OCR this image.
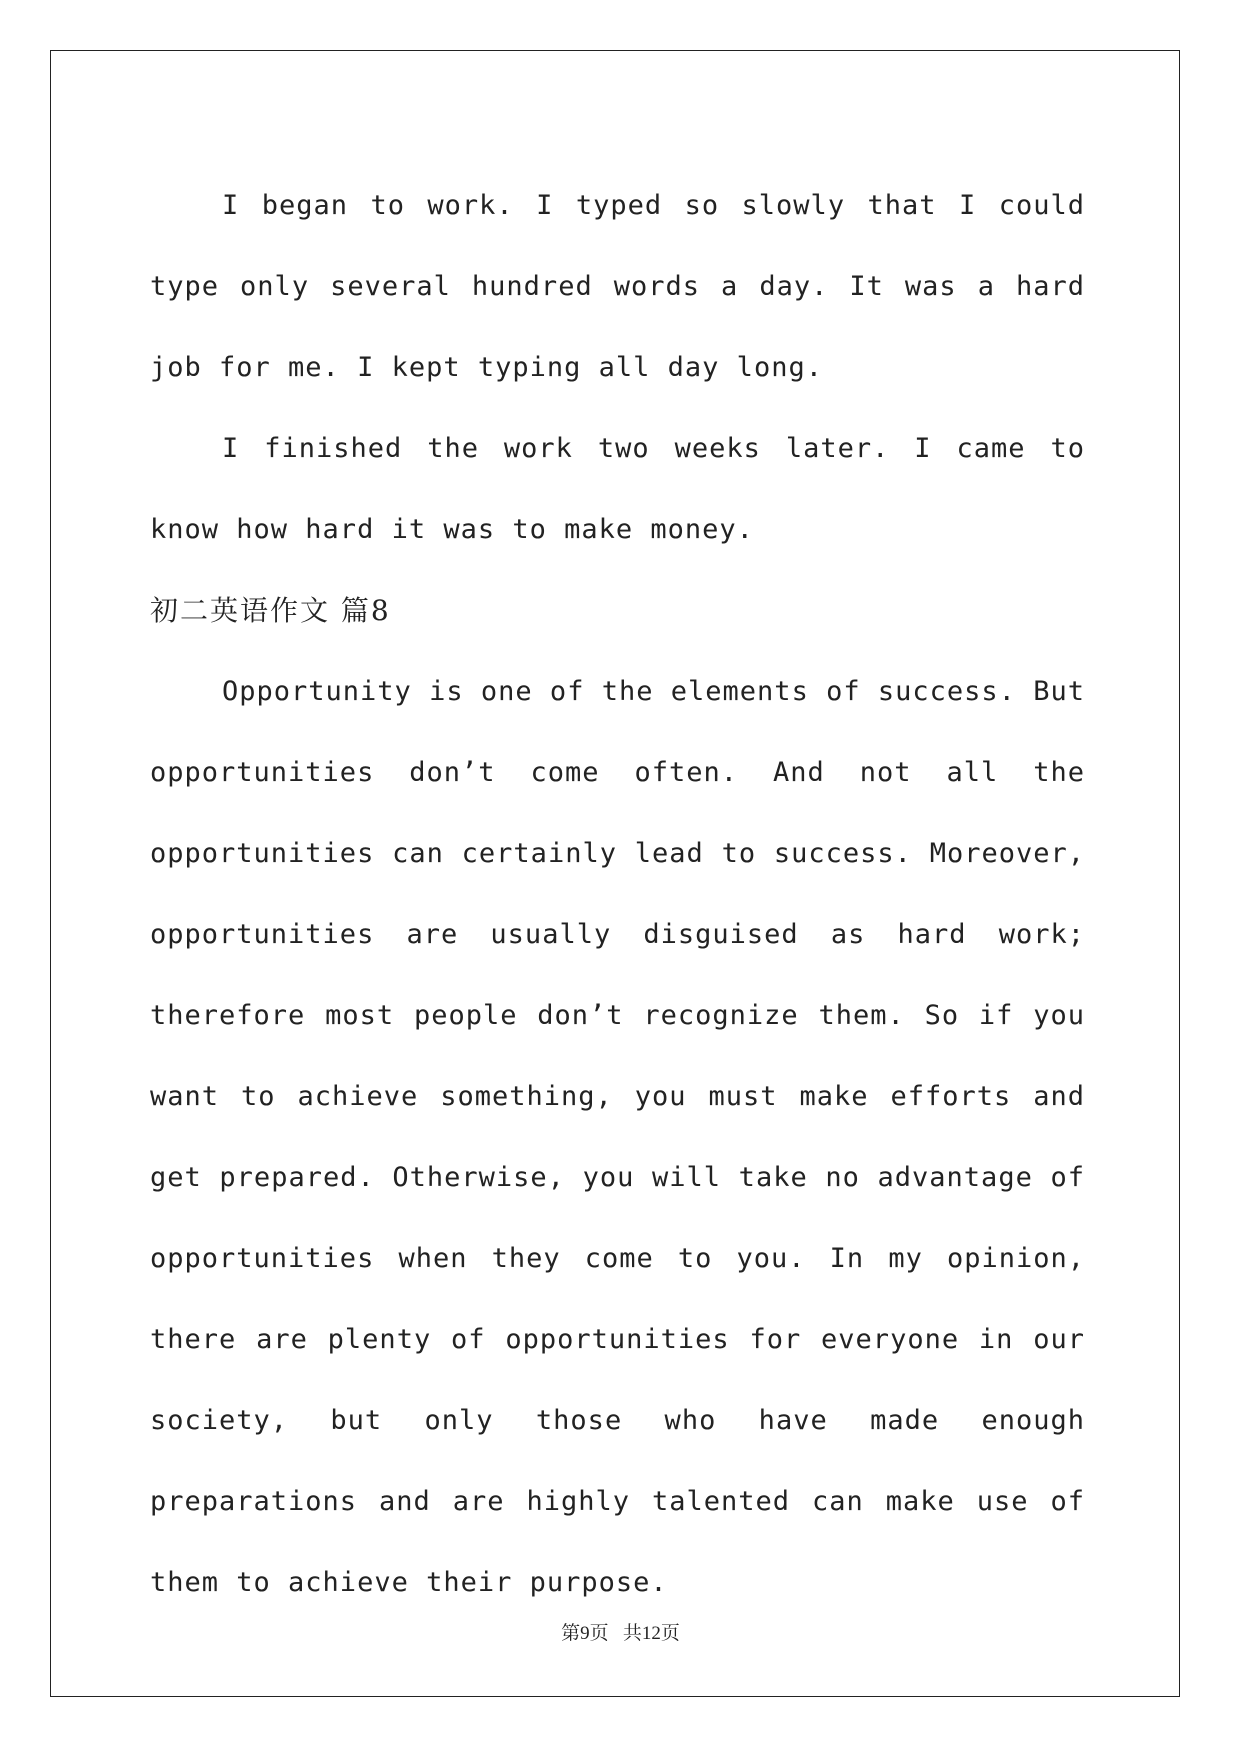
I began to work. I typed so slowly that I could type only several hundred words a day. It was a hard job for me. I kept typing all day long.

I finished the work two weeks later. I came to know how hard it was to make money.

初二英语作文 篇8

Opportunity is one of the elements of success. But opportunities don’t come often. And not all the opportunities can certainly lead to success. Moreover, opportunities are usually disguised as hard work; therefore most people don’t recognize them. So if you want to achieve something, you must make efforts and get prepared. Otherwise, you will take no advantage of opportunities when they come to you. In my opinion, there are plenty of opportunities for everyone in our society, but only those who have made enough preparations and are highly talented can make use of them to achieve their purpose.

第9页 共12页
